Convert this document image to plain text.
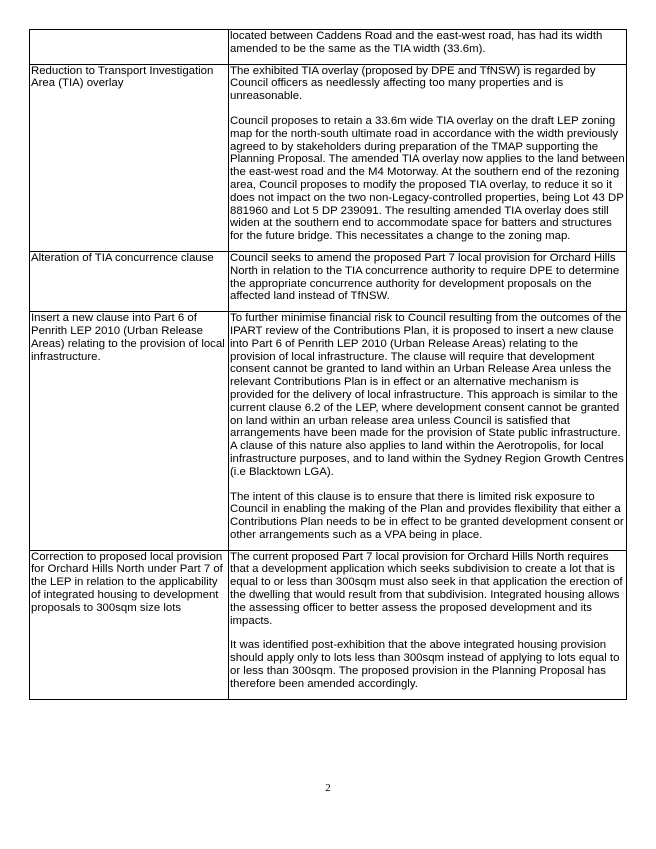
	located between Caddens Road and the east-west road, has had its width amended to be the same as the TIA width (33.6m).

Reduction to Transport Investigation Area (TIA) overlay	The exhibited TIA overlay (proposed by DPE and TfNSW) is regarded by Council officers as needlessly affecting too many properties and is unreasonable.

Council proposes to retain a 33.6m wide TIA overlay on the draft LEP zoning map for the north-south ultimate road in accordance with the width previously agreed to by stakeholders during preparation of the TMAP supporting the Planning Proposal. The amended TIA overlay now applies to the land between the east-west road and the M4 Motorway. At the southern end of the rezoning area, Council proposes to modify the proposed TIA overlay, to reduce it so it does not impact on the two non-Legacy-controlled properties, being Lot 43 DP 881960 and Lot 5 DP 239091. The resulting amended TIA overlay does still widen at the southern end to accommodate space for batters and structures for the future bridge. This necessitates a change to the zoning map.

Alteration of TIA concurrence clause	Council seeks to amend the proposed Part 7 local provision for Orchard Hills North in relation to the TIA concurrence authority to require DPE to determine the appropriate concurrence authority for development proposals on the affected land instead of TfNSW.

Insert a new clause into Part 6 of Penrith LEP 2010 (Urban Release Areas) relating to the provision of local infrastructure.	To further minimise financial risk to Council resulting from the outcomes of the IPART review of the Contributions Plan, it is proposed to insert a new clause into Part 6 of Penrith LEP 2010 (Urban Release Areas) relating to the provision of local infrastructure. The clause will require that development consent cannot be granted to land within an Urban Release Area unless the relevant Contributions Plan is in effect or an alternative mechanism is provided for the delivery of local infrastructure. This approach is similar to the current clause 6.2 of the LEP, where development consent cannot be granted on land within an urban release area unless Council is satisfied that arrangements have been made for the provision of State public infrastructure. A clause of this nature also applies to land within the Aerotropolis, for local infrastructure purposes, and to land within the Sydney Region Growth Centres (i.e Blacktown LGA).

The intent of this clause is to ensure that there is limited risk exposure to Council in enabling the making of the Plan and provides flexibility that either a Contributions Plan needs to be in effect to be granted development consent or other arrangements such as a VPA being in place.

Correction to proposed local provision for Orchard Hills North under Part 7 of the LEP in relation to the applicability of integrated housing to development proposals to 300sqm size lots	The current proposed Part 7 local provision for Orchard Hills North requires that a development application which seeks subdivision to create a lot that is equal to or less than 300sqm must also seek in that application the erection of the dwelling that would result from that subdivision. Integrated housing allows the assessing officer to better assess the proposed development and its impacts.

It was identified post-exhibition that the above integrated housing provision should apply only to lots less than 300sqm instead of applying to lots equal to or less than 300sqm. The proposed provision in the Planning Proposal has therefore been amended accordingly.

2
